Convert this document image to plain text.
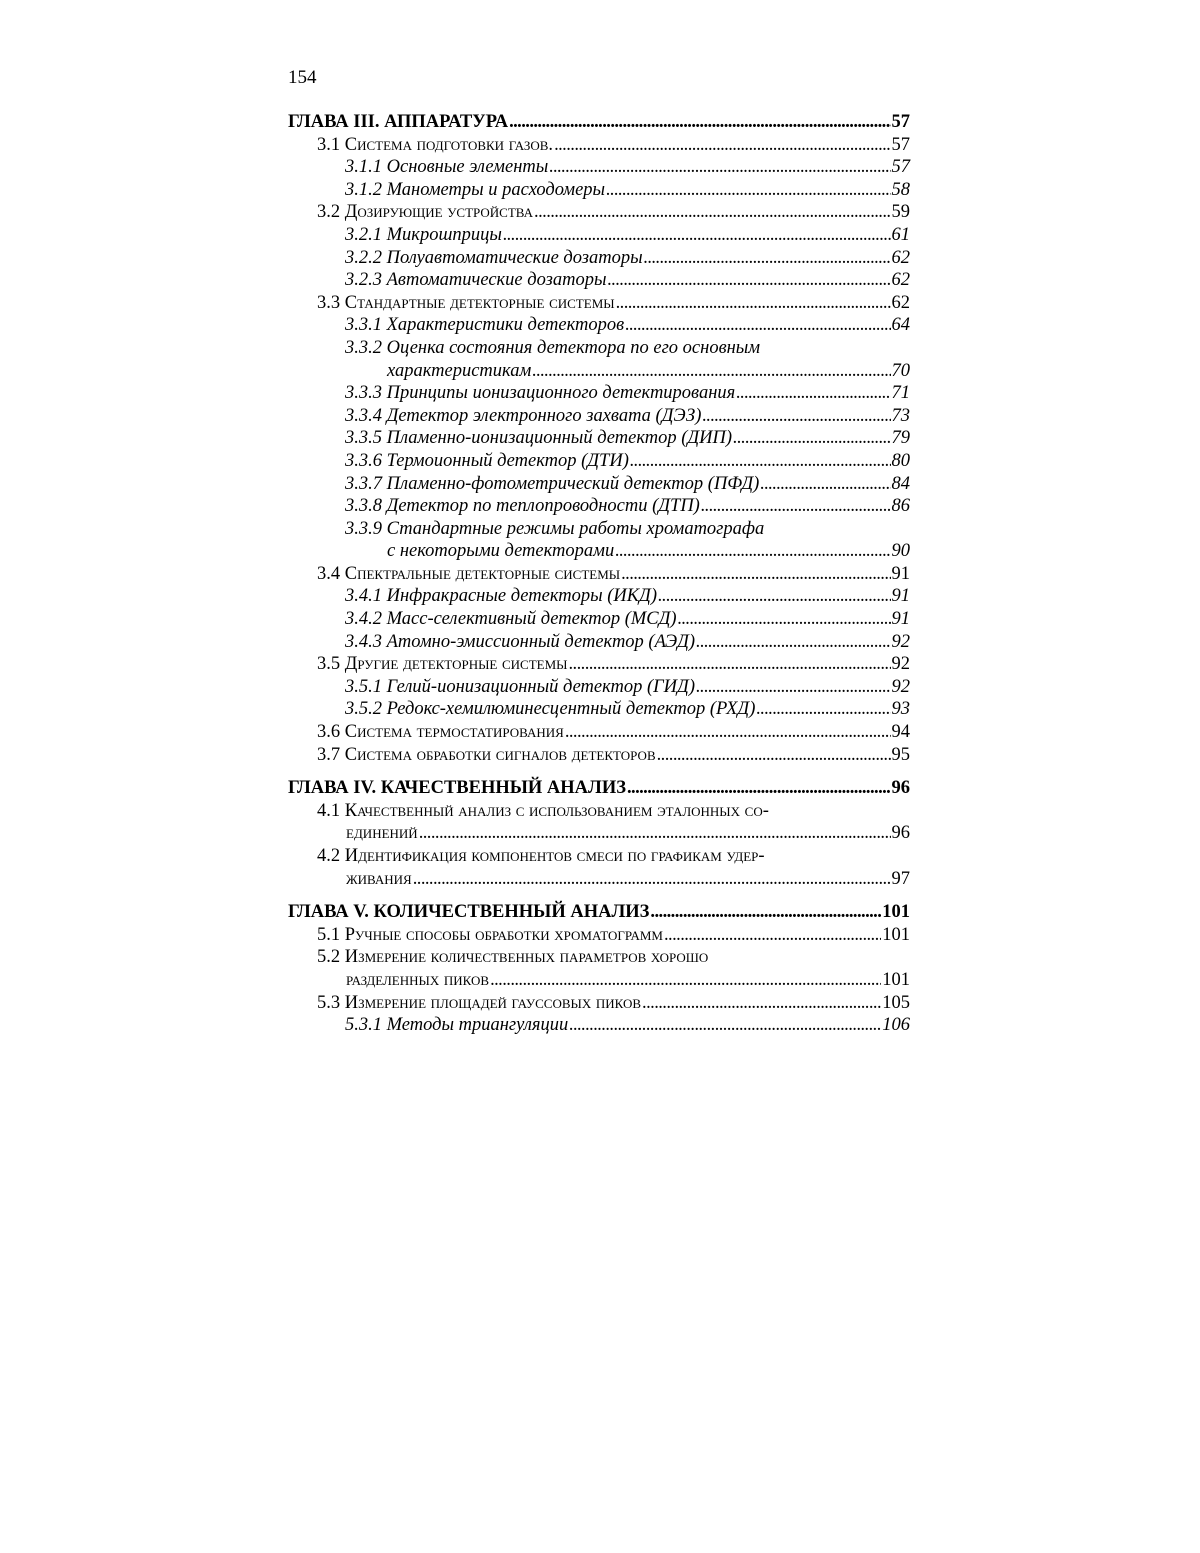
154
ГЛАВА III. АППАРАТУРА . . .	57
3.1 Система подготовки газов. . . .	57
3.1.1 Основные элементы . . .	57
3.1.2 Манометры и расходомеры . . .	58
3.2 Дозирующие устройства . . .	59
3.2.1 Микрошприцы . . .	61
3.2.2 Полуавтоматические дозаторы . . .	62
3.2.3 Автоматические дозаторы . . .	62
3.3 Стандартные детекторные системы . . .	62
3.3.1 Характеристики детекторов . . .	64
3.3.2 Оценка состояния детектора по его основным
характеристикам . . .	70
3.3.3 Принципы ионизационного детектирования . . .	71
3.3.4 Детектор электронного захвата (ДЭЗ) . . .	73
3.3.5 Пламенно-ионизационный детектор (ДИП) . . .	79
3.3.6 Термоионный детектор (ДТИ) . . .	80
3.3.7 Пламенно-фотометрический детектор (ПФД) . . .	84
3.3.8 Детектор по теплопроводности (ДТП) . . .	86
3.3.9 Стандартные режимы работы хроматографа
с некоторыми детекторами . . .	90
3.4 Спектральные детекторные системы . . .	91
3.4.1 Инфракрасные детекторы (ИКД) . . .	91
3.4.2 Масс-селективный детектор (МСД) . . .	91
3.4.3 Атомно-эмиссионный детектор (АЭД) . . .	92
3.5 Другие детекторные системы . . .	92
3.5.1 Гелий-ионизационный детектор (ГИД) . . .	92
3.5.2 Редокс-хемилюминесцентный детектор (РХД) . . .	93
3.6 Система термостатирования . . .	94
3.7 Система обработки сигналов детекторов . . .	95
ГЛАВА IV. КАЧЕСТВЕННЫЙ АНАЛИЗ . . .	96
4.1 Качественный анализ с использованием эталонных со-
единений . . .	96
4.2 Идентификация компонентов смеси по графикам удер-
живания . . .	97
ГЛАВА V. КОЛИЧЕСТВЕННЫЙ АНАЛИЗ . . .	101
5.1 Ручные способы обработки хроматограмм . . .	101
5.2 Измерение количественных параметров хорошо
разделенных пиков . . .	101
5.3 Измерение площадей гауссовых пиков . . .	105
5.3.1 Методы триангуляции . . .	106
